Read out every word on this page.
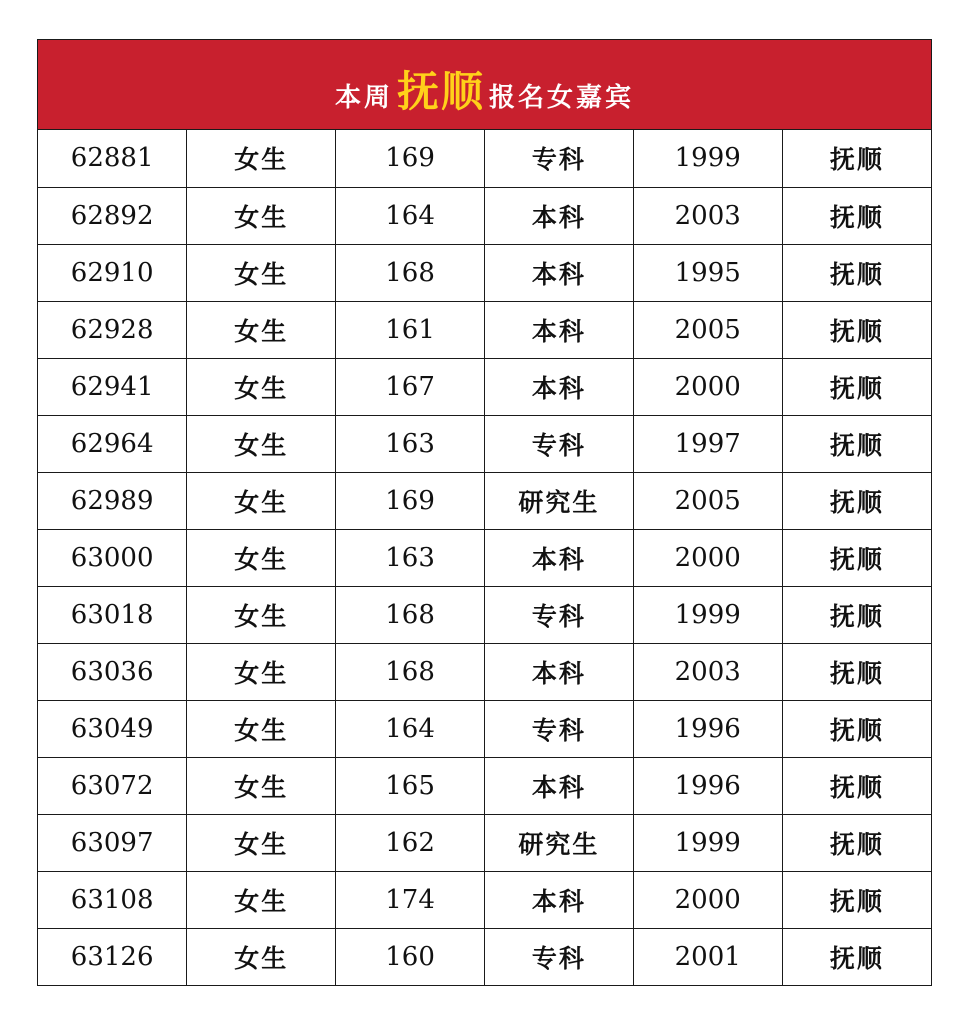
本周 抚顺 报名女嘉宾
62881	女生	169	专科	1999	抚顺
62892	女生	164	本科	2003	抚顺
62910	女生	168	本科	1995	抚顺
62928	女生	161	本科	2005	抚顺
62941	女生	167	本科	2000	抚顺
62964	女生	163	专科	1997	抚顺
62989	女生	169	研究生	2005	抚顺
63000	女生	163	本科	2000	抚顺
63018	女生	168	专科	1999	抚顺
63036	女生	168	本科	2003	抚顺
63049	女生	164	专科	1996	抚顺
63072	女生	165	本科	1996	抚顺
63097	女生	162	研究生	1999	抚顺
63108	女生	174	本科	2000	抚顺
63126	女生	160	专科	2001	抚顺
